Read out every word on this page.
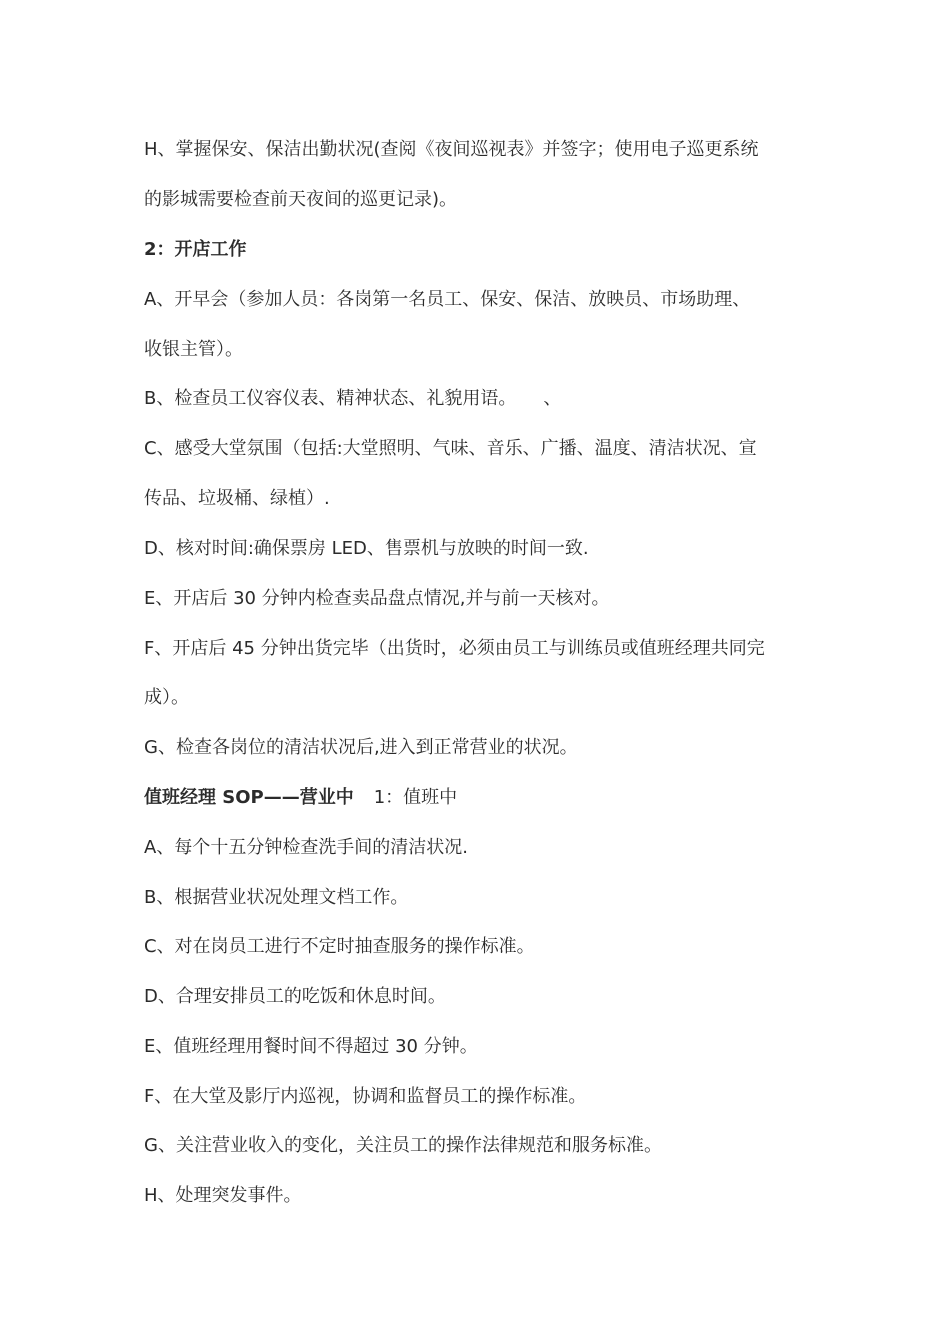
H、掌握保安、保洁出勤状况(查阅《夜间巡视表》并签字；使用电子巡更系统
的影城需要检查前天夜间的巡更记录)。
2：开店工作
A、开早会（参加人员：各岗第一名员工、保安、保洁、放映员、市场助理、
收银主管）。
B、检查员工仪容仪表、精神状态、礼貌用语。　　、
C、感受大堂氛围（包括:大堂照明、气味、音乐、广播、温度、清洁状况、宣
传品、垃圾桶、绿植）.
D、核对时间:确保票房 LED、售票机与放映的时间一致.
E、开店后 30 分钟内检查卖品盘点情况,并与前一天核对。
F、开店后 45 分钟出货完毕（出货时，必须由员工与训练员或值班经理共同完
成）。
G、检查各岗位的清洁状况后,进入到正常营业的状况。
值班经理 SOP——营业中 1：值班中
A、每个十五分钟检查洗手间的清洁状况.
B、根据营业状况处理文档工作。
C、对在岗员工进行不定时抽查服务的操作标准。
D、合理安排员工的吃饭和休息时间。
E、值班经理用餐时间不得超过 30 分钟。
F、在大堂及影厅内巡视，协调和监督员工的操作标准。
G、关注营业收入的变化，关注员工的操作法律规范和服务标准。
H、处理突发事件。
